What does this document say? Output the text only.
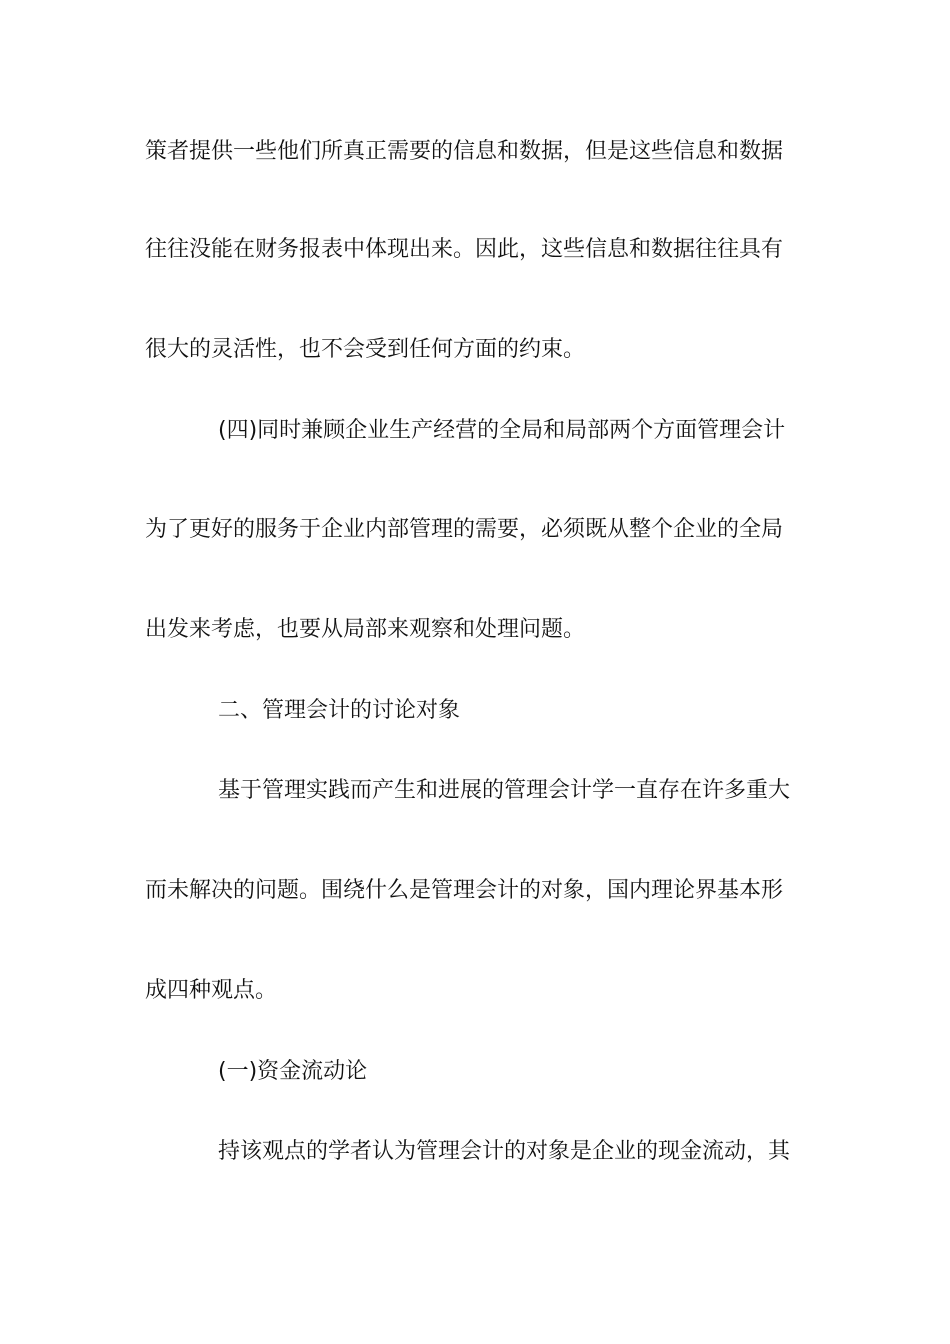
策者提供一些他们所真正需要的信息和数据，但是这些信息和数据
往往没能在财务报表中体现出来。因此，这些信息和数据往往具有
很大的灵活性，也不会受到任何方面的约束。
(四)同时兼顾企业生产经营的全局和局部两个方面管理会计
为了更好的服务于企业内部管理的需要，必须既从整个企业的全局
出发来考虑，也要从局部来观察和处理问题。
二、管理会计的讨论对象
基于管理实践而产生和进展的管理会计学一直存在许多重大
而未解决的问题。围绕什么是管理会计的对象，国内理论界基本形
成四种观点。
(一)资金流动论
持该观点的学者认为管理会计的对象是企业的现金流动，其
